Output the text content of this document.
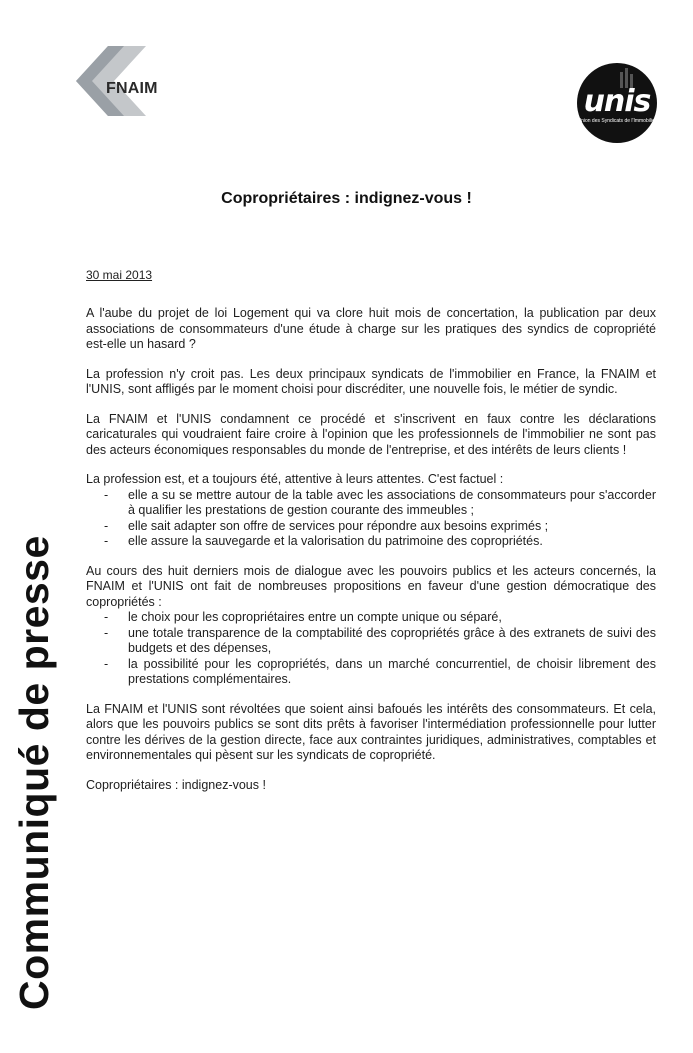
FNAIM	unis
Union des Syndicats de l'Immobilier
Communiqué de presse
Copropriétaires : indignez-vous !
30 mai 2013

A l'aube du projet de loi Logement qui va clore huit mois de concertation, la publication par deux associations de consommateurs d'une étude à charge sur les pratiques des syndics de copropriété est-elle un hasard ?

La profession n'y croit pas. Les deux principaux syndicats de l'immobilier en France, la FNAIM et l'UNIS, sont affligés par le moment choisi pour discréditer, une nouvelle fois, le métier de syndic.

La FNAIM et l'UNIS condamnent ce procédé et s'inscrivent en faux contre les déclarations caricaturales qui voudraient faire croire à l'opinion que les professionnels de l'immobilier ne sont pas des acteurs économiques responsables du monde de l'entreprise, et des intérêts de leurs clients !

La profession est, et a toujours été, attentive à leurs attentes. C'est factuel :

- elle a su se mettre autour de la table avec les associations de consommateurs pour s'accorder à qualifier les prestations de gestion courante des immeubles ;
- elle sait adapter son offre de services pour répondre aux besoins exprimés ;
- elle assure la sauvegarde et la valorisation du patrimoine des copropriétés.

Au cours des huit derniers mois de dialogue avec les pouvoirs publics et les acteurs concernés, la FNAIM et l'UNIS ont fait de nombreuses propositions en faveur d'une gestion démocratique des copropriétés :

- le choix pour les copropriétaires entre un compte unique ou séparé,
- une totale transparence de la comptabilité des copropriétés grâce à des extranets de suivi des budgets et des dépenses,
- la possibilité pour les copropriétés, dans un marché concurrentiel, de choisir librement des prestations complémentaires.

La FNAIM et l'UNIS sont révoltées que soient ainsi bafoués les intérêts des consommateurs. Et cela, alors que les pouvoirs publics se sont dits prêts à favoriser l'intermédiation professionnelle pour lutter contre les dérives de la gestion directe, face aux contraintes juridiques, administratives, comptables et environnementales qui pèsent sur les syndicats de copropriété.

Copropriétaires : indignez-vous !
